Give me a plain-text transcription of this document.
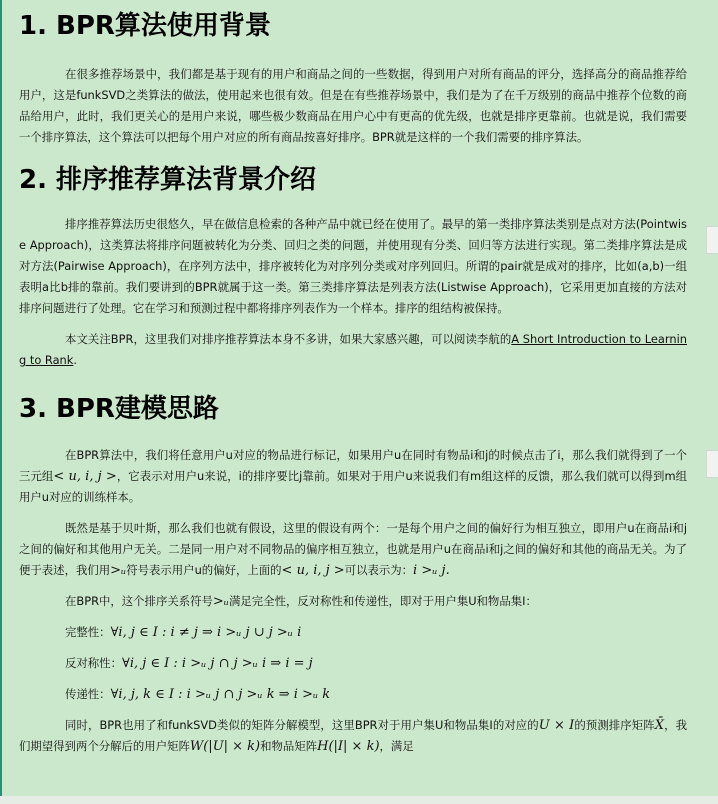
1. BPR算法使用背景

在很多推荐场景中，我们都是基于现有的用户和商品之间的一些数据，得到用户对所有商品的评分，选择高分的商品推荐给用户，这是funkSVD之类算法的做法，使用起来也很有效。但是在有些推荐场景中，我们是为了在千万级别的商品中推荐个位数的商品给用户，此时，我们更关心的是用户来说，哪些极少数商品在用户心中有更高的优先级，也就是排序更靠前。也就是说，我们需要一个排序算法，这个算法可以把每个用户对应的所有商品按喜好排序。BPR就是这样的一个我们需要的排序算法。

2. 排序推荐算法背景介绍

排序推荐算法历史很悠久，早在做信息检索的各种产品中就已经在使用了。最早的第一类排序算法类别是点对方法(Pointwise Approach)，这类算法将排序问题被转化为分类、回归之类的问题，并使用现有分类、回归等方法进行实现。第二类排序算法是成对方法(Pairwise Approach)，在序列方法中，排序被转化为对序列分类或对序列回归。所谓的pair就是成对的排序，比如(a,b)一组表明a比b排的靠前。我们要讲到的BPR就属于这一类。第三类排序算法是列表方法(Listwise Approach)，它采用更加直接的方法对排序问题进行了处理。它在学习和预测过程中都将排序列表作为一个样本。排序的组结构被保持。

本文关注BPR，这里我们对排序推荐算法本身不多讲，如果大家感兴趣，可以阅读李航的A Short Introduction to Learning to Rank.

3. BPR建模思路

在BPR算法中，我们将任意用户u对应的物品进行标记，如果用户u在同时有物品i和j的时候点击了i，那么我们就得到了一个三元组< u, i, j >，它表示对用户u来说，i的排序要比j靠前。如果对于用户u来说我们有m组这样的反馈，那么我们就可以得到m组用户u对应的训练样本。

既然是基于贝叶斯，那么我们也就有假设，这里的假设有两个：一是每个用户之间的偏好行为相互独立，即用户u在商品i和j之间的偏好和其他用户无关。二是同一用户对不同物品的偏序相互独立，也就是用户u在商品i和j之间的偏好和其他的商品无关。为了便于表述，我们用>ᵤ符号表示用户u的偏好，上面的< u, i, j >可以表示为：i >ᵤ j.

在BPR中，这个排序关系符号>ᵤ满足完全性，反对称性和传递性，即对于用户集U和物品集I：

完整性：∀i, j ∈ I : i ≠ j ⇒ i >ᵤ j ∪ j >ᵤ i

反对称性：∀i, j ∈ I : i >ᵤ j ∩ j >ᵤ i ⇒ i = j

传递性：∀i, j, k ∈ I : i >ᵤ j ∩ j >ᵤ k ⇒ i >ᵤ k

同时，BPR也用了和funkSVD类似的矩阵分解模型，这里BPR对于用户集U和物品集I的对应的U × I的预测排序矩阵X̄，我们期望得到两个分解后的用户矩阵W(|U| × k)和物品矩阵H(|I| × k)，满足
